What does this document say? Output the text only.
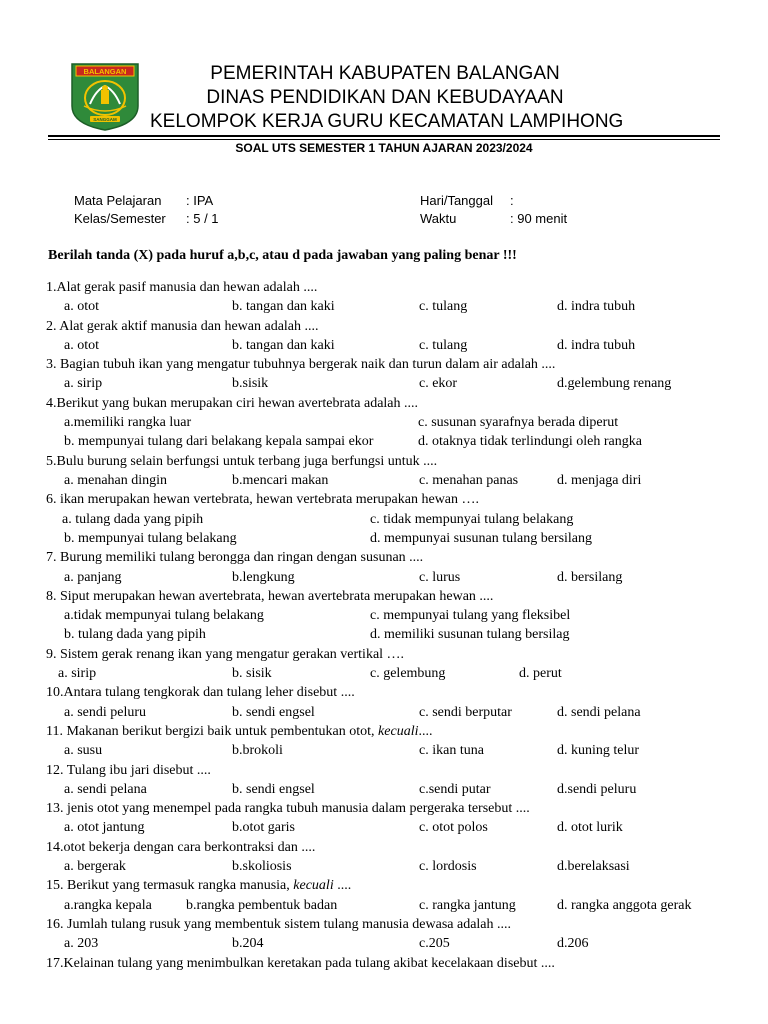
BALANGAN
SANGGAM
PEMERINTAH KABUPATEN BALANGAN
DINAS PENDIDIKAN DAN KEBUDAYAAN
KELOMPOK KERJA GURU KECAMATAN LAMPIHONG
SOAL UTS SEMESTER 1 TAHUN AJARAN 2023/2024
Mata Pelajaran : IPA
Kelas/Semester : 5 / 1
Hari/Tanggal :
Waktu	: 90 menit
Berilah tanda (X) pada huruf a,b,c, atau d pada jawaban yang paling benar !!!
1.Alat gerak pasif manusia dan hewan adalah ....
a. otot	b. tangan dan kaki	c. tulang	d. indra tubuh
2. Alat gerak aktif manusia dan hewan adalah ....
a. otot	b. tangan dan kaki	c. tulang	d. indra tubuh
3. Bagian tubuh ikan yang mengatur tubuhnya bergerak naik dan turun dalam air adalah ....
a. sirip	b.sisik	c. ekor	d.gelembung renang
4.Berikut yang bukan merupakan ciri hewan avertebrata adalah ....
a.memiliki rangka luar	c. susunan syarafnya berada diperut
b. mempunyai tulang dari belakang kepala sampai ekor	d. otaknya tidak terlindungi oleh rangka
5.Bulu burung selain berfungsi untuk terbang juga berfungsi untuk ....
a. menahan dingin	b.mencari makan	c. menahan panas	d. menjaga diri
6. ikan merupakan hewan vertebrata, hewan vertebrata merupakan hewan ….
a. tulang dada yang pipih	c. tidak mempunyai tulang belakang
b. mempunyai tulang belakang	d. mempunyai susunan tulang bersilang
7. Burung memiliki tulang berongga dan ringan dengan susunan ....
a. panjang	b.lengkung	c. lurus	d. bersilang
8. Siput merupakan hewan avertebrata, hewan avertebrata merupakan hewan ....
a.tidak mempunyai tulang belakang	c. mempunyai tulang yang fleksibel
b. tulang dada yang pipih	d. memiliki susunan tulang bersilag
9. Sistem gerak renang ikan yang mengatur gerakan vertikal ….
a. sirip	b. sisik	c. gelembung	d. perut
10.Antara tulang tengkorak dan tulang leher disebut ....
a. sendi peluru	b. sendi engsel	c. sendi berputar	d. sendi pelana
11. Makanan berikut bergizi baik untuk pembentukan otot, kecuali....
a. susu	b.brokoli	c. ikan tuna	d. kuning telur
12. Tulang ibu jari disebut ....
a. sendi pelana	b. sendi engsel	c.sendi putar	d.sendi peluru
13. jenis otot yang menempel pada rangka tubuh manusia dalam pergeraka tersebut ....
a. otot jantung	b.otot garis	c. otot polos	d. otot lurik
14.otot bekerja dengan cara berkontraksi dan ....
a. bergerak	b.skoliosis	c. lordosis	d.berelaksasi
15. Berikut yang termasuk rangka manusia, kecuali ....
a.rangka kepala b.rangka pembentuk badan	c. rangka jantung	d. rangka anggota gerak
16. Jumlah tulang rusuk yang membentuk sistem tulang manusia dewasa adalah ....
a. 203	b.204	c.205	d.206
17.Kelainan tulang yang menimbulkan keretakan pada tulang akibat kecelakaan disebut ....
